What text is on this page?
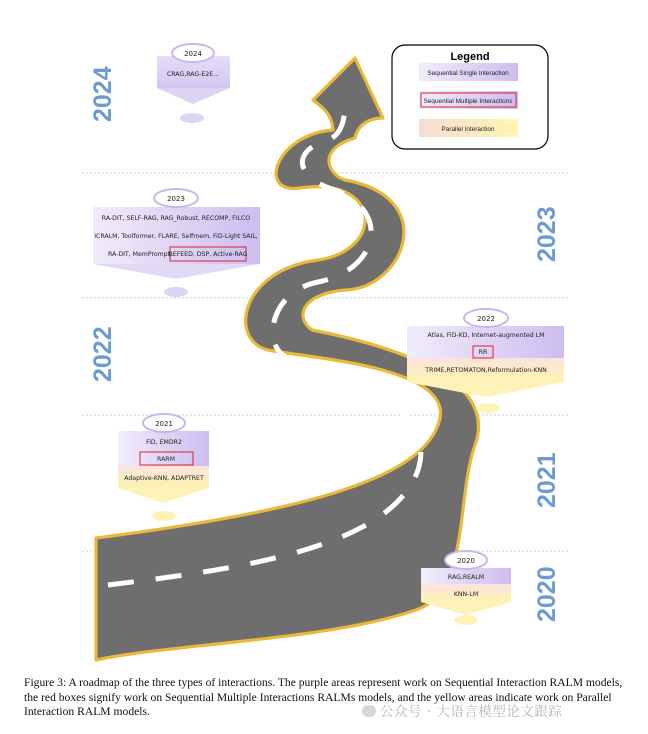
2024
2023
2022
2021
2020
Legend
Sequential Single Interaction
Sequential Multiple Interactions
Parallel Interaction
2024
CRAG,RAG-E2E...
2023
RA-DIT, SELF-RAG, RAG_Robust, RECOMP, FILCO
ICRALM, Toolformer, FLARE, Selfmem, FiD-Light SAIL,
RA-DIT, MemPrompt,
REFEED, DSP, Active-RAG
2022
Atlas, FiD-KD, Internet-augmented LM
RR
TRIME,RETOMATON,Reformulation-KNN
2021
FiD, EMDR2
RARM
Adaptive-KNN, ADAPTRET
2020
RAG,REALM
KNN-LM
Figure 3: A roadmap of the three types of interactions. The purple areas represent work on Sequential Interaction RALM models, the red boxes signify work on Sequential Multiple Interactions RALMs models, and the yellow areas indicate work on Parallel Interaction RALM models.	公众号 · 大语言模型论文跟踪
